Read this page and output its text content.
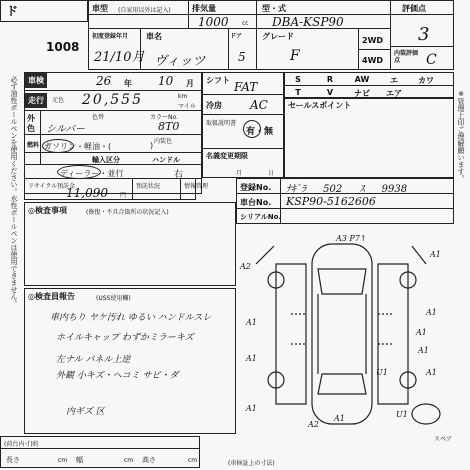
ド
1008
必ず油性ボールペンを使用ください。水性ボールペンは使用できません。
車型 (自家用以外は記入)	排気量
1000 cc
型・式
DBA-KSP90
評価点
3
初度登録年月
21/10月
車名
ヴィッツ
ドア
5
グレード
F
2WD
4WD
内装評価点	C
車検	26 年 10 月
走行	元色 20,555	km
マイル
外色
色替
シルバー
カラーNo.
8T0
内装色
燃料 ガソリン・軽油・(	)
輸入区分
ディーラー・並行
ハンドル
右
シフト FAT
冷房 AC
取扱説明書
有・無
名義変更期限
月	日
S	R	AW	エ	カワ
T	V	ナビ エア
セールスポイント	※管理上印ご理解願います。
リサイクル預託金
11,090 円
預託状況	情報管理	登録No. ﾅｷﾞﾗ 502 ｽ 9938
車台No. KSP90-5162606
シリアルNo.
◎検査事項	(修復・不具合箇所の状況記入)
◎検査員報告	(USS使用欄)
車内ちり ヤケ汚れ ゆるい ハンドルスレ
ホイルキャップ わずかミラーキズ
左ナル パネル上逆
外観 小キズ・ヘコミ サビ・ダ
内ギズ 区
A3 P7↑
A2
A1
A1
A1
A1
A1
A1
A1
A2
A1	U1
A1
U1
スペア
(荷台内寸)約
長さ	cm 幅	cm 高さ	cm	(車検証上の寸法)
